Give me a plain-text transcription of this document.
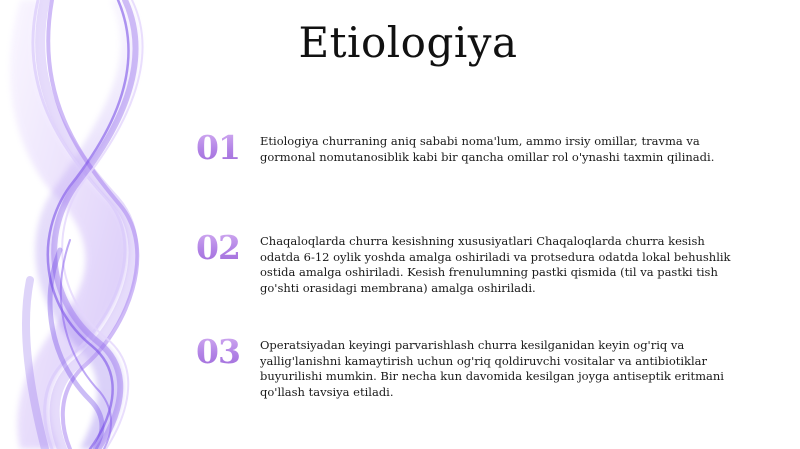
Etiologiya
01	Etiologiya churraning aniq sababi noma'lum, ammo irsiy omillar, travma va gormonal nomutanosiblik kabi bir qancha omillar rol o'ynashi taxmin qilinadi.
02	Chaqaloqlarda churra kesishning xususiyatlari Chaqaloqlarda churra kesish odatda 6-12 oylik yoshda amalga oshiriladi va protsedura odatda lokal behushlik ostida amalga oshiriladi. Kesish frenulumning pastki qismida (til va pastki tish go'shti orasidagi membrana) amalga oshiriladi.
03	Operatsiyadan keyingi parvarishlash churra kesilganidan keyin og'riq va yallig'lanishni kamaytirish uchun og'riq qoldiruvchi vositalar va antibiotiklar buyurilishi mumkin. Bir necha kun davomida kesilgan joyga antiseptik eritmani qo'llash tavsiya etiladi.
